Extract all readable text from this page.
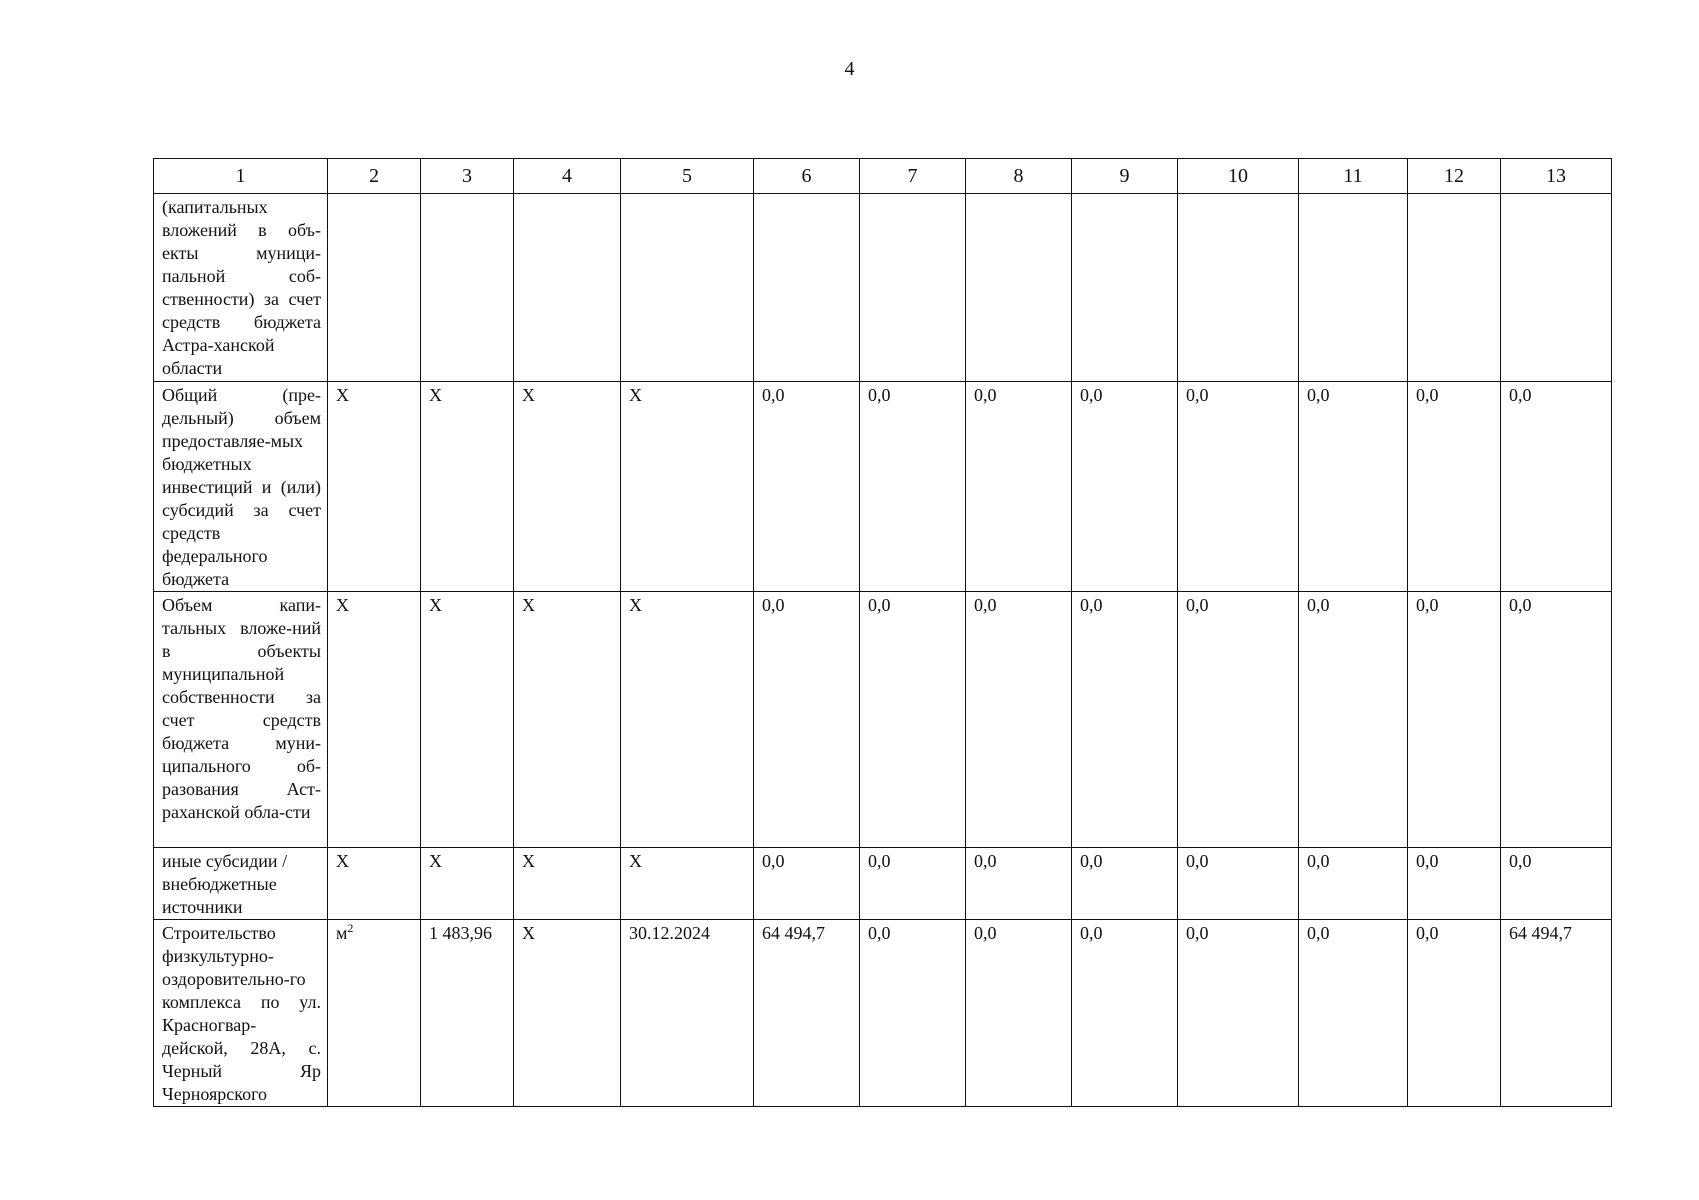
4
1	2	3	4	5	6	7	8	9	10	11	12	13
(капитальных вложений в объ-екты муници-пальной соб-ственности) за счет средств бюджета Астра-ханской области												
Общий (пре-дельный) объем предоставляе-мых бюджетных инвестиций и (или) субсидий за счет средств федерального бюджета	X	X	X	X	0,0	0,0	0,0	0,0	0,0	0,0	0,0	0,0
Объем капи-тальных вложе-ний в объекты муниципальной собственности за счет средств бюджета муни-ципального об-разования Аст-раханской обла-сти	X	X	X	X	0,0	0,0	0,0	0,0	0,0	0,0	0,0	0,0
иные субсидии / внебюджетные источники	X	X	X	X	0,0	0,0	0,0	0,0	0,0	0,0	0,0	0,0
Строительство физкультурно-оздоровительно-го комплекса по ул. Красногвар-дейской, 28А, с. Черный Яр Черноярского	$м^2$	1 483,96	X	30.12.2024	64 494,7	0,0	0,0	0,0	0,0	0,0	0,0	64 494,7
